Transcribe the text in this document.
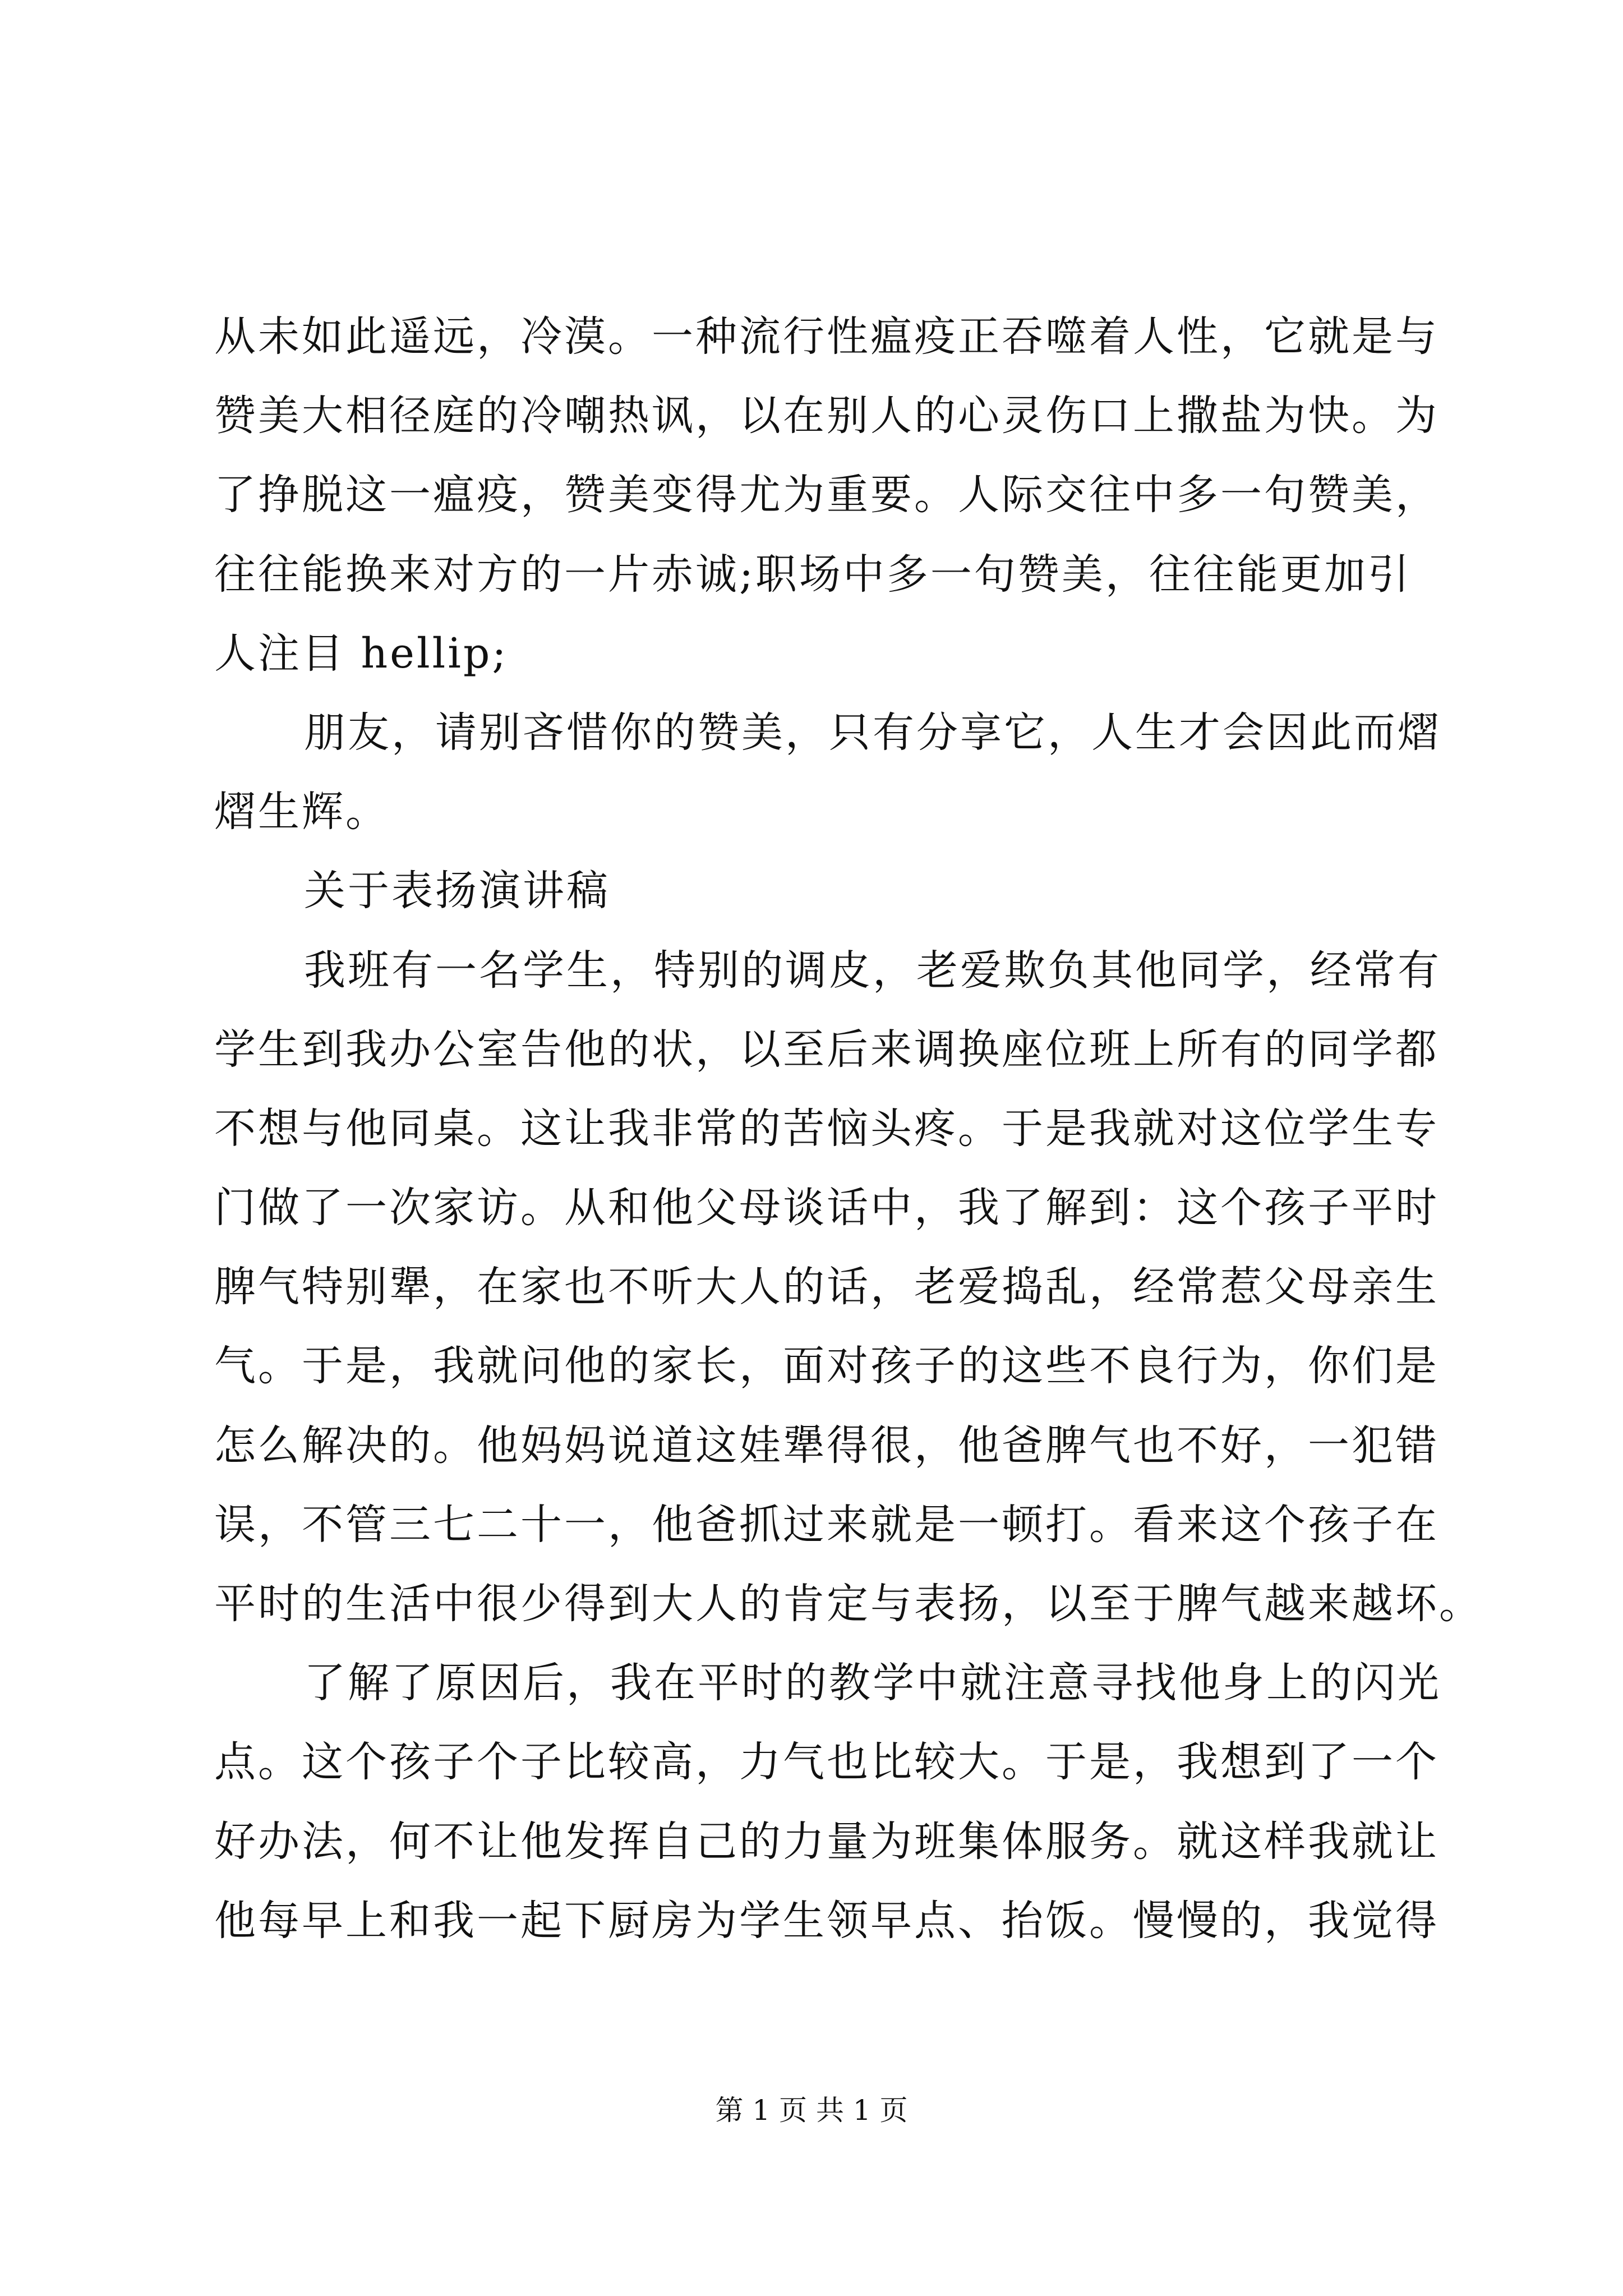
从未如此遥远，冷漠。一种流行性瘟疫正吞噬着人性，它就是与
赞美大相径庭的冷嘲热讽，以在别人的心灵伤口上撒盐为快。为
了挣脱这一瘟疫，赞美变得尤为重要。人际交往中多一句赞美，
往往能换来对方的一片赤诚;职场中多一句赞美，往往能更加引
人注目 hellip;
朋友，请别吝惜你的赞美，只有分享它，人生才会因此而熠
熠生辉。
关于表扬演讲稿
我班有一名学生，特别的调皮，老爱欺负其他同学，经常有
学生到我办公室告他的状，以至后来调换座位班上所有的同学都
不想与他同桌。这让我非常的苦恼头疼。于是我就对这位学生专
门做了一次家访。从和他父母谈话中，我了解到：这个孩子平时
脾气特别犟，在家也不听大人的话，老爱捣乱，经常惹父母亲生
气。于是，我就问他的家长，面对孩子的这些不良行为，你们是
怎么解决的。他妈妈说道这娃犟得很，他爸脾气也不好，一犯错
误，不管三七二十一，他爸抓过来就是一顿打。看来这个孩子在
平时的生活中很少得到大人的肯定与表扬，以至于脾气越来越坏。
了解了原因后，我在平时的教学中就注意寻找他身上的闪光
点。这个孩子个子比较高，力气也比较大。于是，我想到了一个
好办法，何不让他发挥自己的力量为班集体服务。就这样我就让
他每早上和我一起下厨房为学生领早点、抬饭。慢慢的，我觉得
第 1 页 共 1 页
